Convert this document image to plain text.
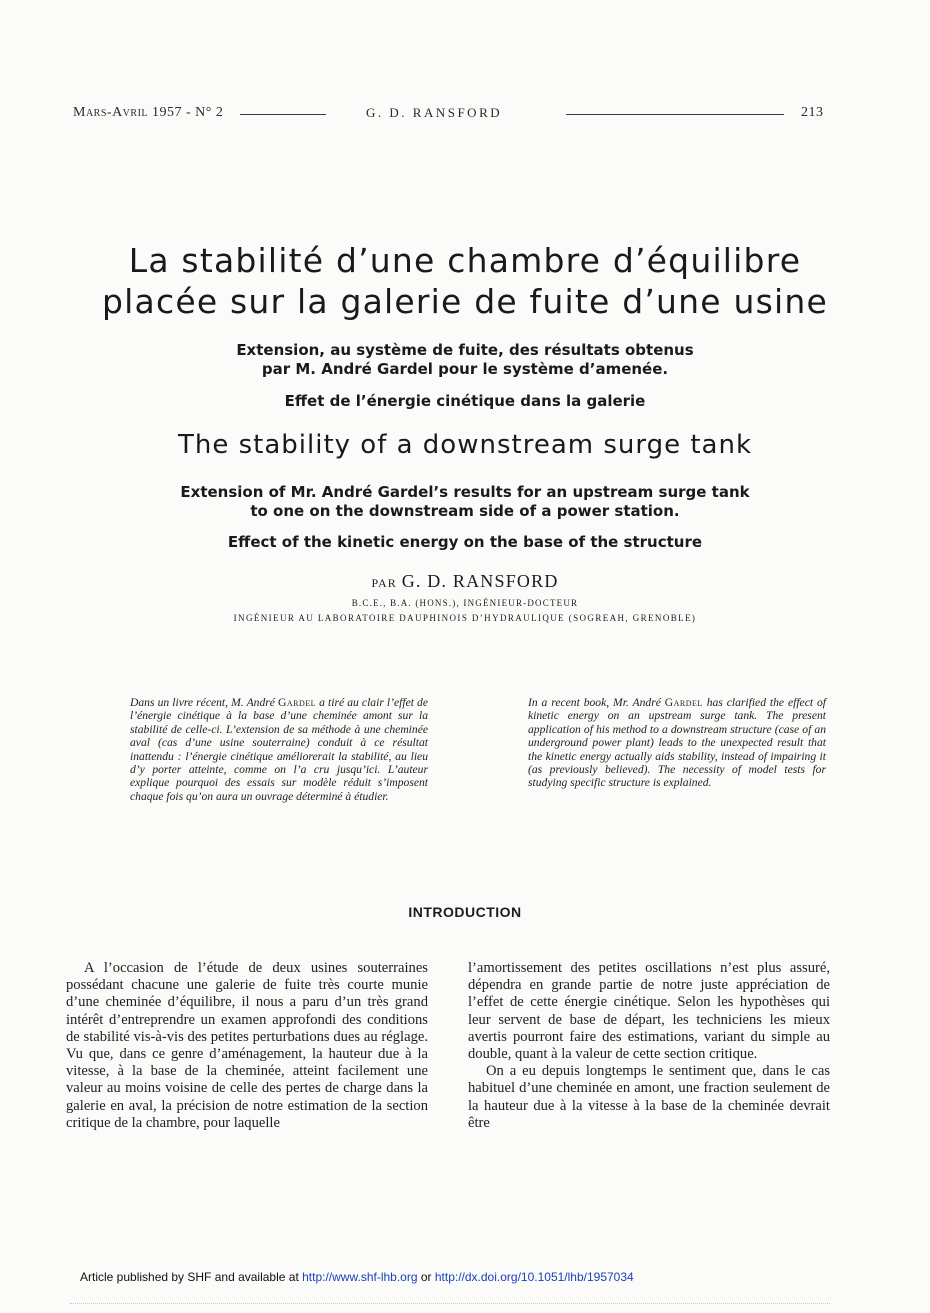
Mars-Avril 1957 - N° 2	G. D. RANSFORD	213
La stabilité d’une chambre d’équilibre
placée sur la galerie de fuite d’une usine
Extension, au système de fuite, des résultats obtenus
par M. André Gardel pour le système d’amenée.
Effet de l’énergie cinétique dans la galerie
The stability of a downstream surge tank
Extension of Mr. André Gardel’s results for an upstream surge tank
to one on the downstream side of a power station.
Effect of the kinetic energy on the base of the structure
PAR G. D. RANSFORD
B.C.E., B.A. (HONS.), INGÉNIEUR-DOCTEUR
INGÉNIEUR AU LABORATOIRE DAUPHINOIS D’HYDRAULIQUE (SOGREAH, GRENOBLE)
Dans un livre récent, M. André Gardel a tiré au clair l’effet de l’énergie cinétique à la base d’une cheminée amont sur la stabilité de celle-ci. L’extension de sa méthode à une cheminée aval (cas d’une usine souterraine) conduit à ce résultat inattendu : l’énergie cinétique améliorerait la stabilité, au lieu d’y porter atteinte, comme on l’a cru jusqu’ici. L’auteur explique pourquoi des essais sur modèle réduit s’imposent chaque fois qu’on aura un ouvrage déterminé à étudier.
In a recent book, Mr. André Gardel has clarified the effect of kinetic energy on an upstream surge tank. The present application of his method to a downstream structure (case of an underground power plant) leads to the unexpected result that the kinetic energy actually aids stability, instead of impairing it (as previously believed). The necessity of model tests for studying specific structure is explained.
INTRODUCTION

A l’occasion de l’étude de deux usines souterraines possédant chacune une galerie de fuite très courte munie d’une cheminée d’équilibre, il nous a paru d’un très grand intérêt d’entreprendre un examen approfondi des conditions de stabilité vis-à-vis des petites perturbations dues au réglage. Vu que, dans ce genre d’aménagement, la hauteur due à la vitesse, à la base de la cheminée, atteint facilement une valeur au moins voisine de celle des pertes de charge dans la galerie en aval, la précision de notre estimation de la section critique de la chambre, pour laquelle

l’amortissement des petites oscillations n’est plus assuré, dépendra en grande partie de notre juste appréciation de l’effet de cette énergie cinétique. Selon les hypothèses qui leur servent de base de départ, les techniciens les mieux avertis pourront faire des estimations, variant du simple au double, quant à la valeur de cette section critique.

On a eu depuis longtemps le sentiment que, dans le cas habituel d’une cheminée en amont, une fraction seulement de la hauteur due à la vitesse à la base de la cheminée devrait être

Article published by SHF and available at http://www.shf-lhb.org or http://dx.doi.org/10.1051/lhb/1957034
